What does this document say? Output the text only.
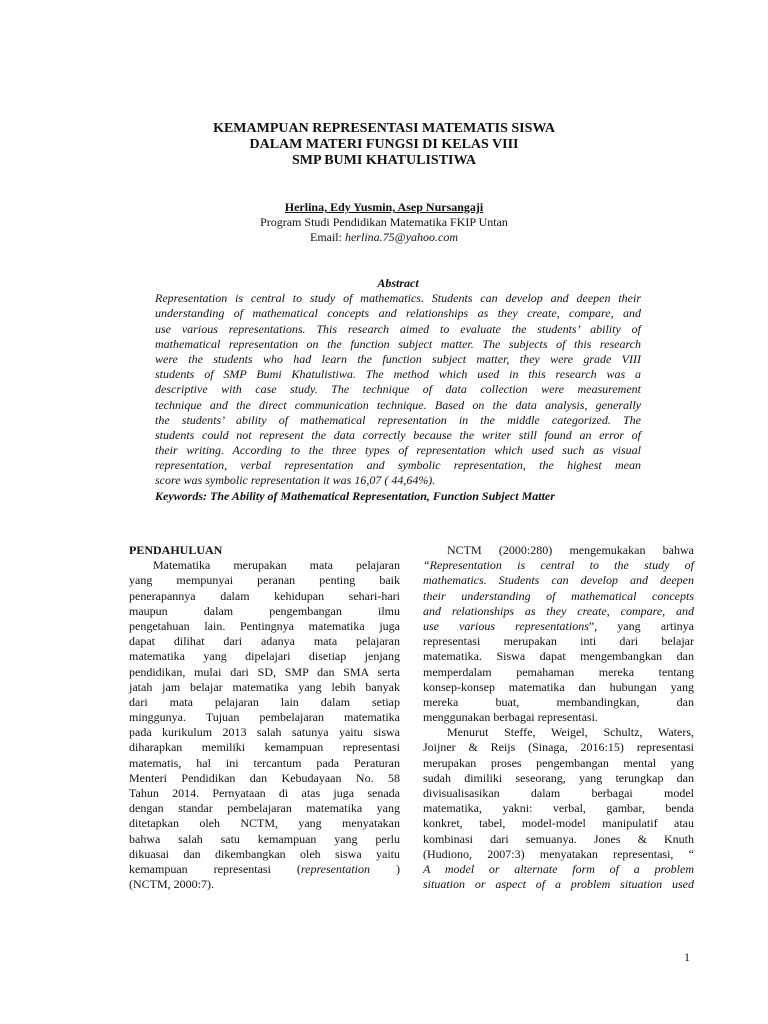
KEMAMPUAN REPRESENTASI MATEMATIS SISWA
DALAM MATERI FUNGSI DI KELAS VIII
SMP BUMI KHATULISTIWA
Herlina, Edy Yusmin, Asep Nursangaji
Program Studi Pendidikan Matematika FKIP Untan
Email: herlina.75@yahoo.com
Abstract
Representation is central to study of mathematics. Students can develop and deepen their
understanding of mathematical concepts and relationships as they create, compare, and
use various representations. This research aimed to evaluate the students’ ability of
mathematical representation on the function subject matter. The subjects of this research
were the students who had learn the function subject matter, they were grade VIII
students of SMP Bumi Khatulistiwa. The method which used in this research was a
descriptive with case study. The technique of data collection were measurement
technique and the direct communication technique. Based on the data analysis, generally
the students’ ability of mathematical representation in the middle categorized. The
students could not represent the data correctly because the writer still found an error of
their writing. According to the three types of representation which used such as visual
representation, verbal representation and symbolic representation, the highest mean
score was symbolic representation it was 16,07 ( 44,64%).
Keywords: The Ability of Mathematical Representation, Function Subject Matter
PENDAHULUAN
Matematika merupakan mata pelajaran
yang mempunyai peranan penting baik
penerapannya dalam kehidupan sehari-hari
maupun dalam pengembangan ilmu
pengetahuan lain. Pentingnya matematika juga
dapat dilihat dari adanya mata pelajaran
matematika yang dipelajari disetiap jenjang
pendidikan, mulai dari SD, SMP dan SMA serta
jatah jam belajar matematika yang lebih banyak
dari mata pelajaran lain dalam setiap
minggunya. Tujuan pembelajaran matematika
pada kurikulum 2013 salah satunya yaitu siswa
diharapkan memiliki kemampuan representasi
matematis, hal ini tercantum pada Peraturan
Menteri Pendidikan dan Kebudayaan No. 58
Tahun 2014. Pernyataan di atas juga senada
dengan standar pembelajaran matematika yang
ditetapkan oleh NCTM, yang menyatakan
bahwa salah satu kemampuan yang perlu
dikuasai dan dikembangkan oleh siswa yaitu
kemampuan representasi (representation )
(NCTM, 2000:7).
NCTM (2000:280) mengemukakan bahwa
“Representation is central to the study of
mathematics. Students can develop and deepen
their understanding of mathematical concepts
and relationships as they create, compare, and
use various representations”, yang artinya
representasi merupakan inti dari belajar
matematika. Siswa dapat mengembangkan dan
memperdalam pemahaman mereka tentang
konsep-konsep matematika dan hubungan yang
mereka buat, membandingkan, dan
menggunakan berbagai representasi.
Menurut Steffe, Weigel, Schultz, Waters,
Joijner & Reijs (Sinaga, 2016:15) representasi
merupakan proses pengembangan mental yang
sudah dimiliki seseorang, yang terungkap dan
divisualisasikan dalam berbagai model
matematika, yakni: verbal, gambar, benda
konkret, tabel, model-model manipulatif atau
kombinasi dari semuanya. Jones & Knuth
(Hudiono, 2007:3) menyatakan representasi, “
A model or alternate form of a problem
situation or aspect of a problem situation used
1
